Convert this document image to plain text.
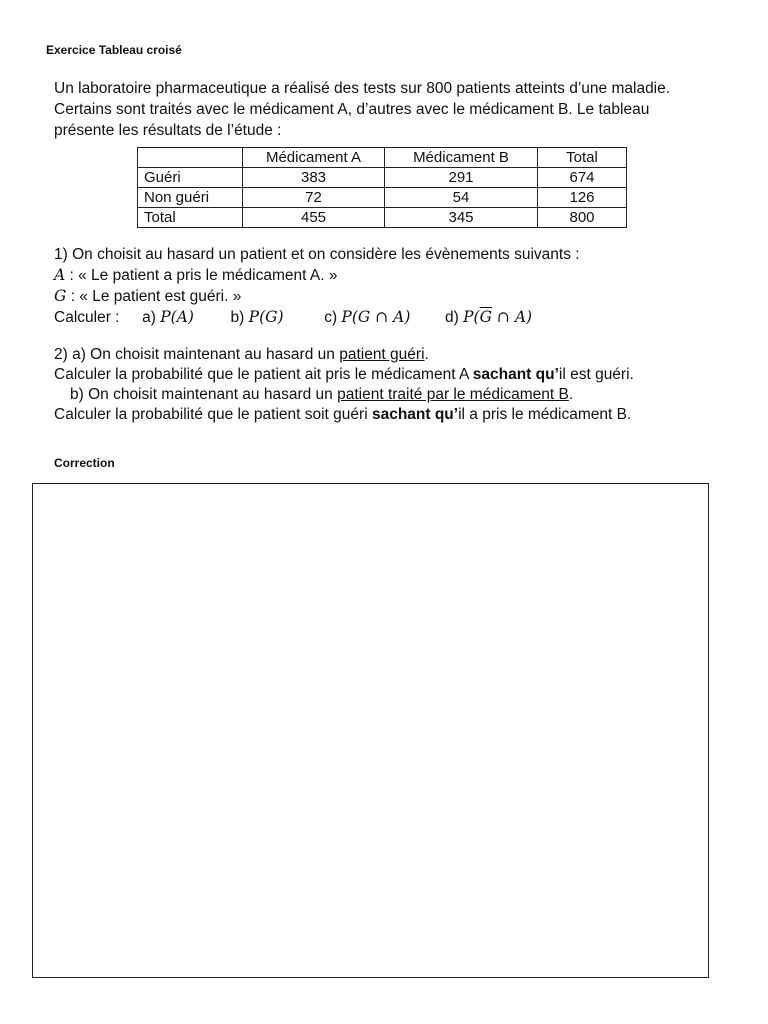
Exercice Tableau croisé

Un laboratoire pharmaceutique a réalisé des tests sur 800 patients atteints d’une maladie.

Certains sont traités avec le médicament A, d’autres avec le médicament B. Le tableau

présente les résultats de l’étude :

	Médicament A	Médicament B	Total
Guéri	383	291	674
Non guéri	72	54	126
Total	455	345	800

1) On choisit au hasard un patient et on considère les évènements suivants :

A : « Le patient a pris le médicament A. »

G : « Le patient est guéri. »

Calculer : a) P(A) b) P(G)	c) P(G ∩ A) d) $P(\overline{G}$ ∩ A)

2) a) On choisit maintenant au hasard un patient guéri.

Calculer la probabilité que le patient ait pris le médicament A sachant qu’il est guéri.

b) On choisit maintenant au hasard un patient traité par le médicament B.

Calculer la probabilité que le patient soit guéri sachant qu’il a pris le médicament B.

Correction
